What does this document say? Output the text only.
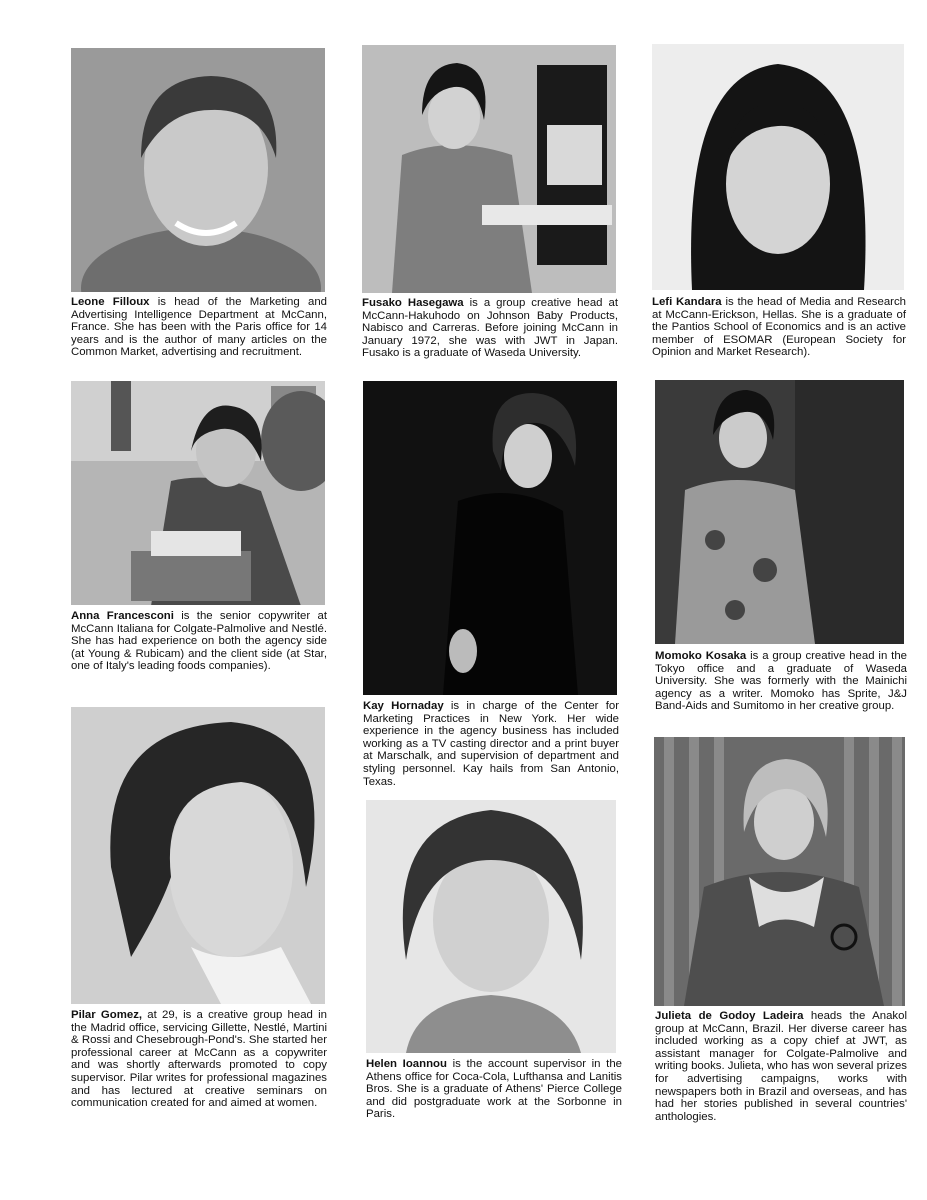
Leone Filloux is head of the Marketing and Advertising Intelligence Department at McCann, France. She has been with the Paris office for 14 years and is the author of many articles on the Common Market, advertising and recruitment.

Anna Francesconi is the senior copywriter at McCann Italiana for Colgate-Palmolive and Nestlé. She has had experience on both the agency side (at Young & Rubicam) and the client side (at Star, one of Italy's leading foods companies).

Pilar Gomez, at 29, is a creative group head in the Madrid office, servicing Gillette, Nestlé, Martini & Rossi and Chesebrough-Pond's. She started her professional career at McCann as a copywriter and was shortly afterwards promoted to copy supervisor. Pilar writes for professional magazines and has lectured at creative seminars on communication created for and aimed at women.

Fusako Hasegawa is a group creative head at McCann-Hakuhodo on Johnson Baby Products, Nabisco and Carreras. Before joining McCann in January 1972, she was with JWT in Japan. Fusako is a graduate of Waseda University.

Kay Hornaday is in charge of the Center for Marketing Practices in New York. Her wide experience in the agency business has included working as a TV casting director and a print buyer at Marschalk, and supervision of department and styling personnel. Kay hails from San Antonio, Texas.

Helen Ioannou is the account supervisor in the Athens office for Coca-Cola, Lufthansa and Lanitis Bros. She is a graduate of Athens' Pierce College and did postgraduate work at the Sorbonne in Paris.

Lefi Kandara is the head of Media and Research at McCann-Erickson, Hellas. She is a graduate of the Pantios School of Economics and is an active member of ESOMAR (European Society for Opinion and Market Research).

Momoko Kosaka is a group creative head in the Tokyo office and a graduate of Waseda University. She was formerly with the Mainichi agency as a writer. Momoko has Sprite, J&J Band-Aids and Sumitomo in her creative group.

Julieta de Godoy Ladeira heads the Anakol group at McCann, Brazil. Her diverse career has included working as a copy chief at JWT, as assistant manager for Colgate-Palmolive and writing books. Julieta, who has won several prizes for advertising campaigns, works with newspapers both in Brazil and overseas, and has had her stories published in several countries' anthologies.
